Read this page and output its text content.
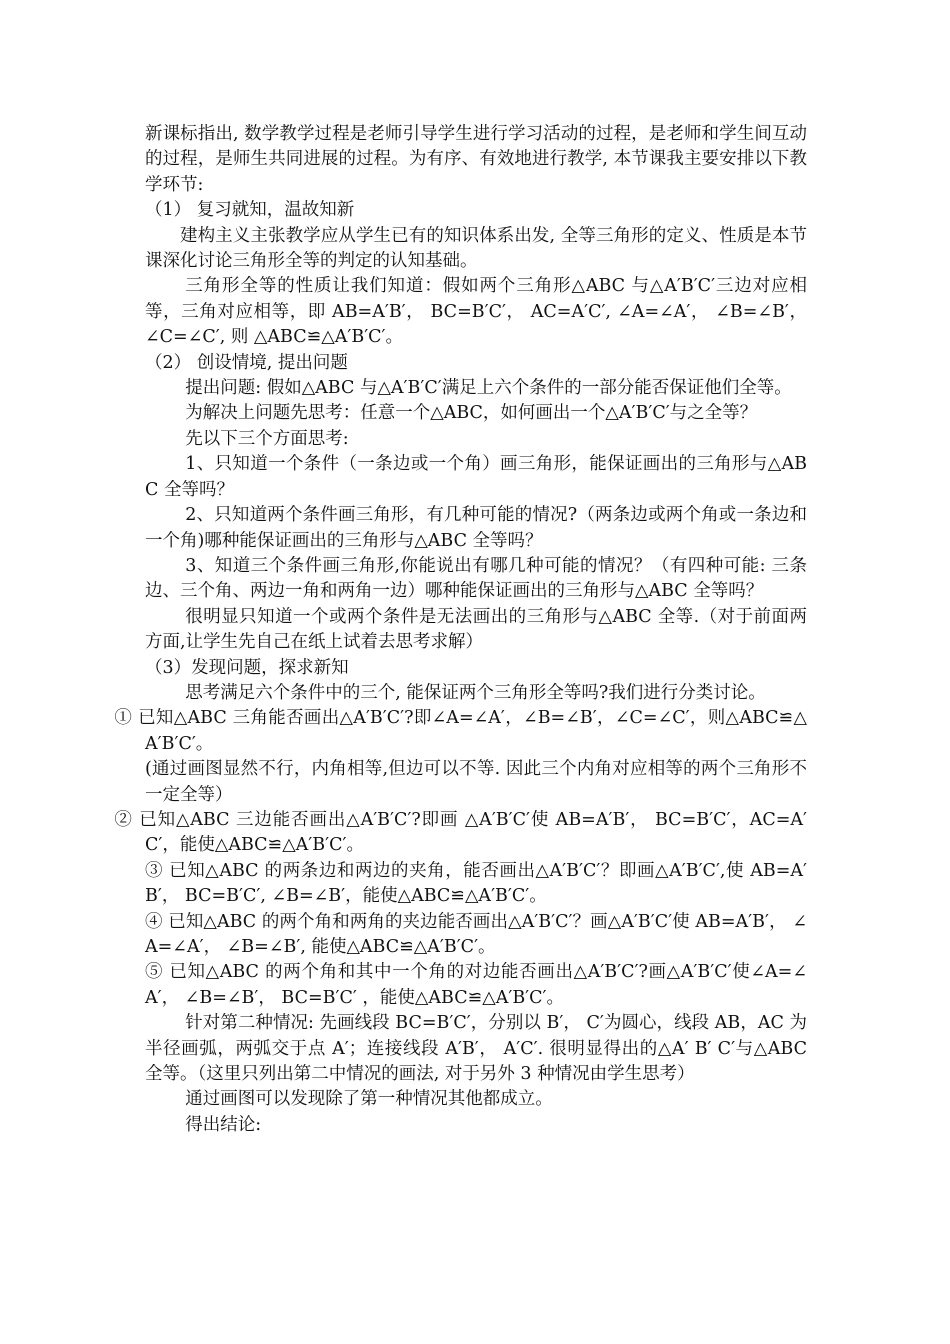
新课标指出, 数学教学过程是老师引导学生进行学习活动的过程，是老师和学生间互动的过程，是师生共同进展的过程。为有序、有效地进行教学, 本节课我主要安排以下教学环节:

（1） 复习就知，温故知新

建构主义主张教学应从学生已有的知识体系出发, 全等三角形的定义、性质是本节课深化讨论三角形全等的判定的认知基础。

三角形全等的性质让我们知道：假如两个三角形△ABC 与△A′B′C′三边对应相等，三角对应相等，即 AB=A′B′， BC=B′C′， AC=A′C′, ∠A=∠A′， ∠B=∠B′， ∠C=∠C′, 则 △ABC≌△A′B′C′。

（2） 创设情境, 提出问题

提出问题: 假如△ABC 与△A′B′C′满足上六个条件的一部分能否保证他们全等。

为解决上问题先思考：任意一个△ABC，如何画出一个△A′B′C′与之全等？

先以下三个方面思考:

1、只知道一个条件（一条边或一个角）画三角形，能保证画出的三角形与△ABC 全等吗？

2、只知道两个条件画三角形，有几种可能的情况?（两条边或两个角或一条边和一个角)哪种能保证画出的三角形与△ABC 全等吗？

3、知道三个条件画三角形,你能说出有哪几种可能的情况？（有四种可能: 三条边、三个角、两边一角和两角一边）哪种能保证画出的三角形与△ABC 全等吗？

很明显只知道一个或两个条件是无法画出的三角形与△ABC 全等.（对于前面两方面,让学生先自己在纸上试着去思考求解）

（3）发现问题，探求新知

思考满足六个条件中的三个, 能保证两个三角形全等吗?我们进行分类讨论。

① 已知△ABC 三角能否画出△A′B′C′?即∠A=∠A′，∠B=∠B′，∠C=∠C′，则△ABC≌△A′B′C′。

(通过画图显然不行，内角相等,但边可以不等. 因此三个内角对应相等的两个三角形不一定全等）

② 已知△ABC 三边能否画出△A′B′C′?即画 △A′B′C′使 AB=A′B′， BC=B′C′，AC=A′C′，能使△ABC≌△A′B′C′。

③ 已知△ABC 的两条边和两边的夹角，能否画出△A′B′C′？即画△A′B′C′,使 AB=A′B′， BC=B′C′, ∠B=∠B′，能使△ABC≌△A′B′C′。

④ 已知△ABC 的两个角和两角的夹边能否画出△A′B′C′？画△A′B′C′使 AB=A′B′， ∠A=∠A′， ∠B=∠B′, 能使△ABC≌△A′B′C′。

⑤ 已知△ABC 的两个角和其中一个角的对边能否画出△A′B′C′?画△A′B′C′使∠A=∠A′， ∠B=∠B′， BC=B′C′ ，能使△ABC≌△A′B′C′。

针对第二种情况: 先画线段 BC=B′C′，分别以 B′， C′为圆心，线段 AB，AC 为半径画弧，两弧交于点 A′；连接线段 A′B′， A′C′. 很明显得出的△A′ B′ C′与△ABC 全等。（这里只列出第二中情况的画法, 对于另外 3 种情况由学生思考）

通过画图可以发现除了第一种情况其他都成立。

得出结论:
